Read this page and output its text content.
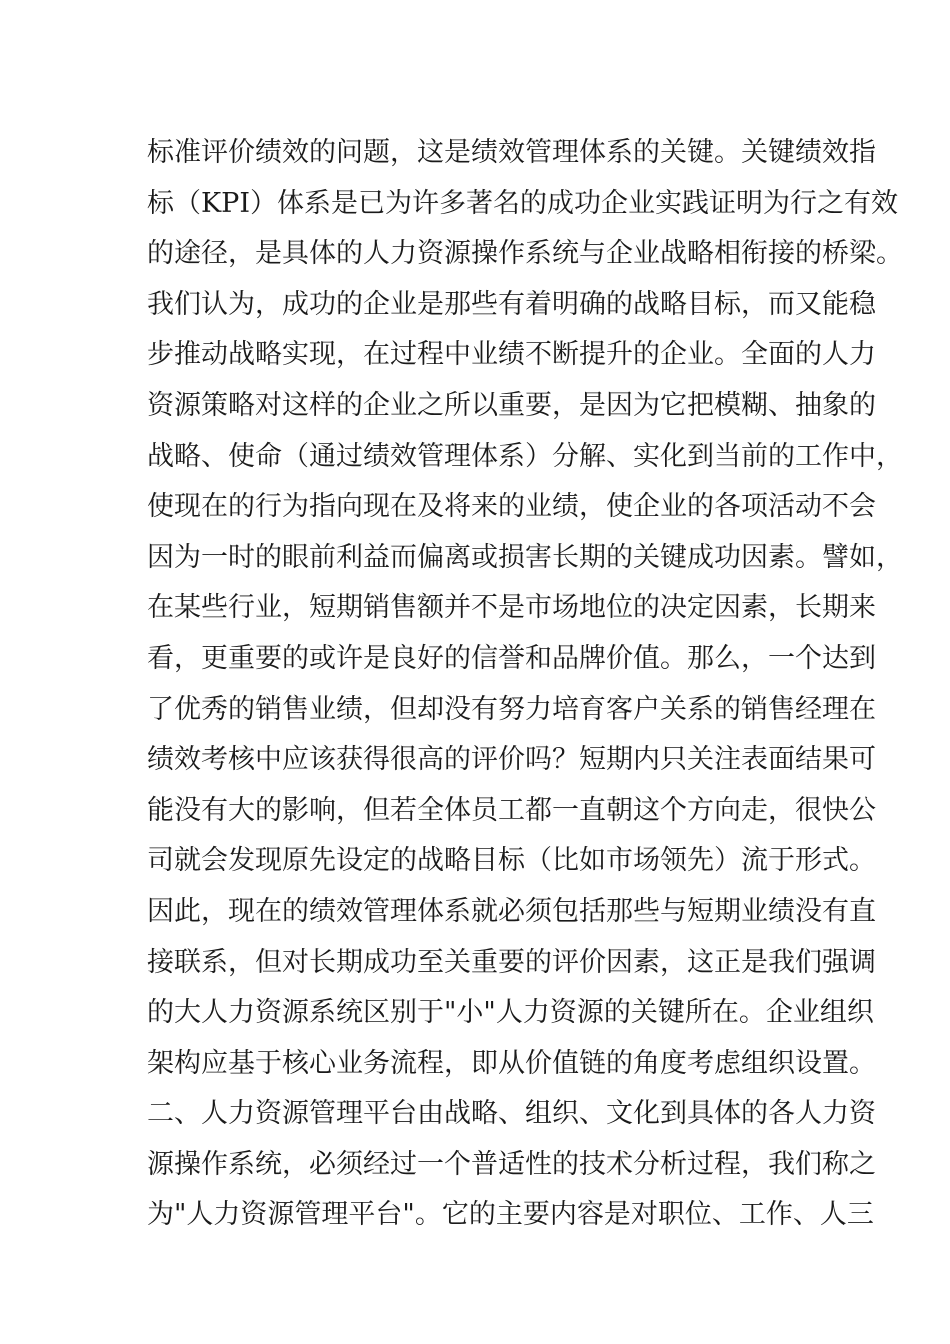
标准评价绩效的问题，这是绩效管理体系的关键。关键绩效指
标（KPI）体系是已为许多著名的成功企业实践证明为行之有效
的途径，是具体的人力资源操作系统与企业战略相衔接的桥梁。
我们认为，成功的企业是那些有着明确的战略目标，而又能稳
步推动战略实现，在过程中业绩不断提升的企业。全面的人力
资源策略对这样的企业之所以重要，是因为它把模糊、抽象的
战略、使命（通过绩效管理体系）分解、实化到当前的工作中，
使现在的行为指向现在及将来的业绩，使企业的各项活动不会
因为一时的眼前利益而偏离或损害长期的关键成功因素。譬如，
在某些行业，短期销售额并不是市场地位的决定因素，长期来
看，更重要的或许是良好的信誉和品牌价值。那么，一个达到
了优秀的销售业绩，但却没有努力培育客户关系的销售经理在
绩效考核中应该获得很高的评价吗？短期内只关注表面结果可
能没有大的影响，但若全体员工都一直朝这个方向走，很快公
司就会发现原先设定的战略目标（比如市场领先）流于形式。
因此，现在的绩效管理体系就必须包括那些与短期业绩没有直
接联系，但对长期成功至关重要的评价因素，这正是我们强调
的大人力资源系统区别于"小"人力资源的关键所在。企业组织
架构应基于核心业务流程，即从价值链的角度考虑组织设置。
二、人力资源管理平台由战略、组织、文化到具体的各人力资
源操作系统，必须经过一个普适性的技术分析过程，我们称之
为"人力资源管理平台"。它的主要内容是对职位、工作、人三
